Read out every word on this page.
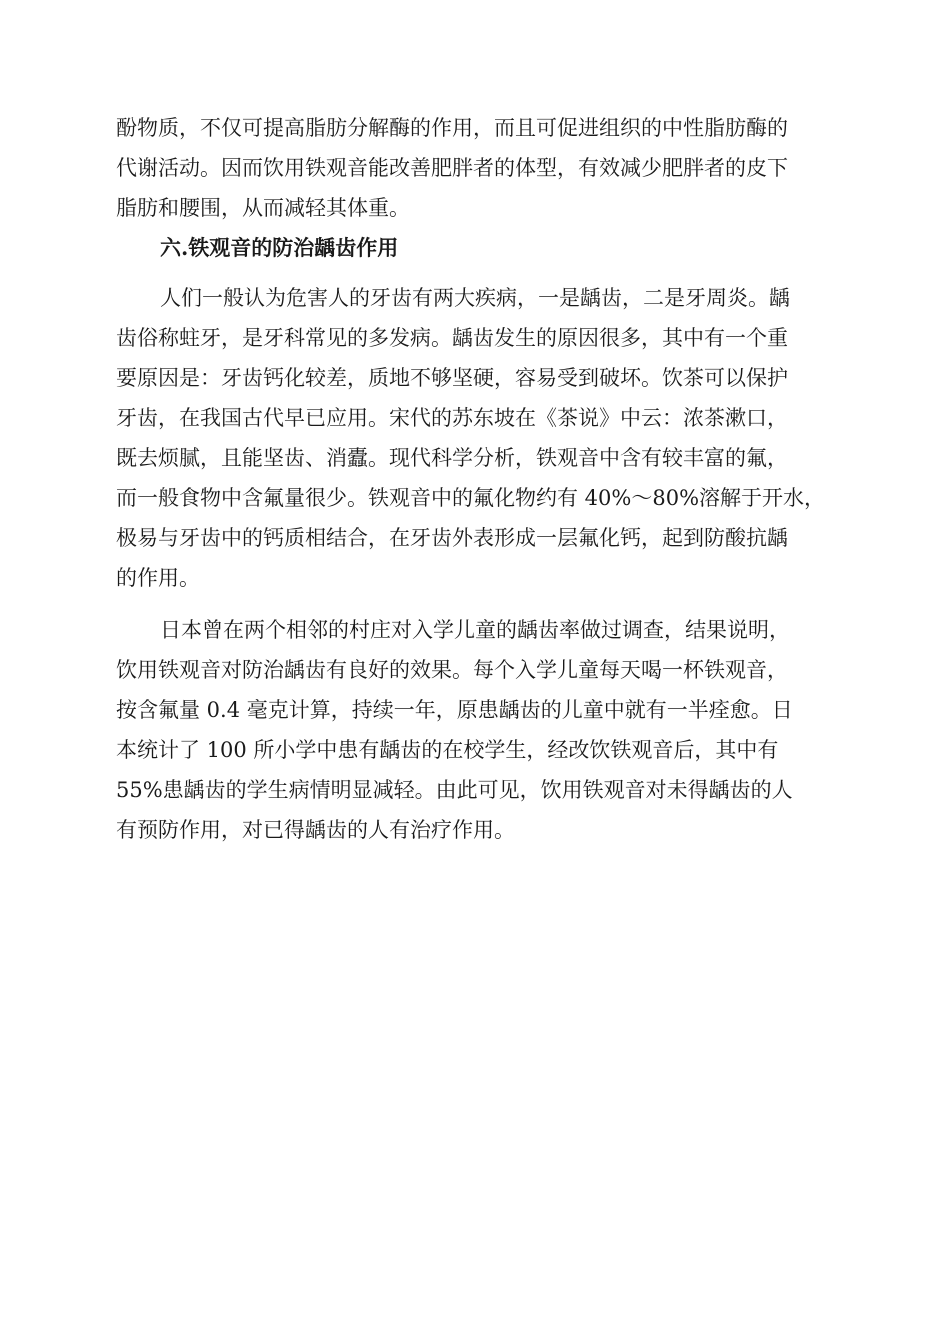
酚物质，不仅可提高脂肪分解酶的作用，而且可促进组织的中性脂肪酶的
代谢活动。因而饮用铁观音能改善肥胖者的体型，有效减少肥胖者的皮下
脂肪和腰围，从而减轻其体重。

六.铁观音的防治龋齿作用

人们一般认为危害人的牙齿有两大疾病，一是龋齿，二是牙周炎。龋
齿俗称蛀牙，是牙科常见的多发病。龋齿发生的原因很多，其中有一个重
要原因是：牙齿钙化较差，质地不够坚硬，容易受到破坏。饮茶可以保护
牙齿，在我国古代早已应用。宋代的苏东坡在《茶说》中云：浓茶漱口，
既去烦腻，且能坚齿、消蠹。现代科学分析，铁观音中含有较丰富的氟，
而一般食物中含氟量很少。铁观音中的氟化物约有 40%～80%溶解于开水，
极易与牙齿中的钙质相结合，在牙齿外表形成一层氟化钙，起到防酸抗龋
的作用。

日本曾在两个相邻的村庄对入学儿童的龋齿率做过调查，结果说明，
饮用铁观音对防治龋齿有良好的效果。每个入学儿童每天喝一杯铁观音，
按含氟量 0.4 毫克计算，持续一年，原患龋齿的儿童中就有一半痊愈。日
本统计了 100 所小学中患有龋齿的在校学生，经改饮铁观音后，其中有
55%患龋齿的学生病情明显减轻。由此可见，饮用铁观音对未得龋齿的人
有预防作用，对已得龋齿的人有治疗作用。
